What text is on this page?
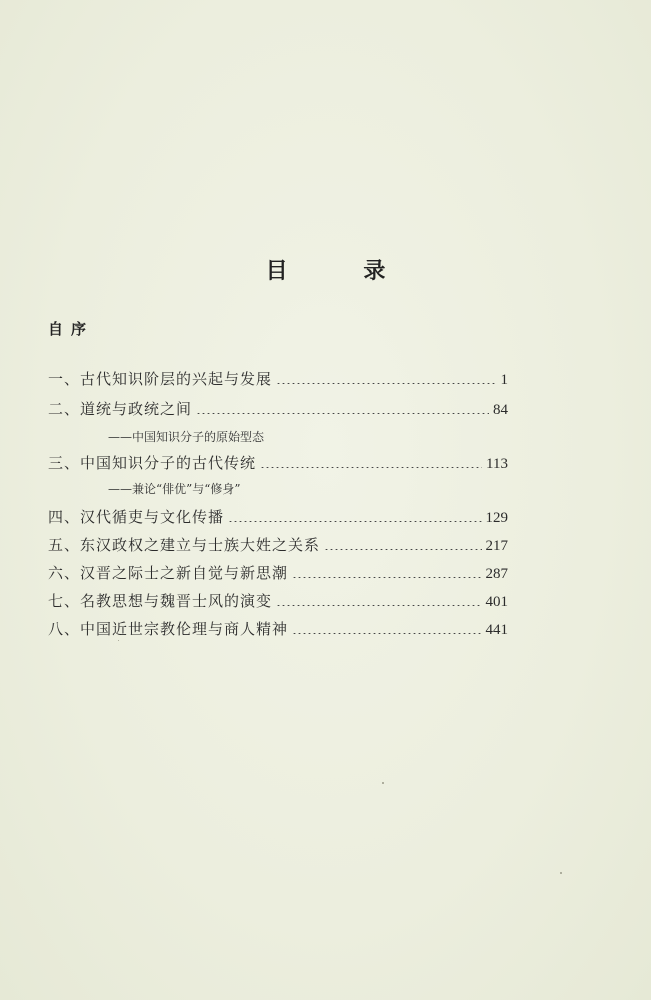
目 录
自序
一、古代知识阶层的兴起与发展	1
二、道统与政统之间	84
——中国知识分子的原始型态
三、中国知识分子的古代传统	113
——兼论“俳优”与“修身”
四、汉代循吏与文化传播	129
五、东汉政权之建立与士族大姓之关系	217
六、汉晋之际士之新自觉与新思潮	287
七、名教思想与魏晋士风的演变	401
八、中国近世宗教伦理与商人精神	441
